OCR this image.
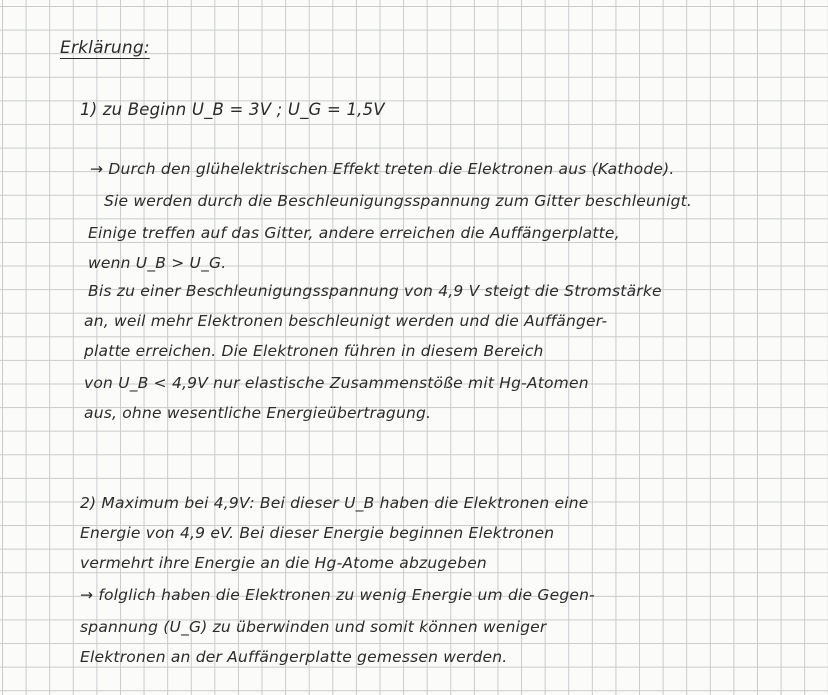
Erklärung:
1) zu Beginn U_B = 3V ; U_G = 1,5V
→ Durch den glühelektrischen Effekt treten die Elektronen aus (Kathode).
Sie werden durch die Beschleunigungsspannung zum Gitter beschleunigt.
Einige treffen auf das Gitter, andere erreichen die Auffängerplatte,
wenn U_B > U_G.
Bis zu einer Beschleunigungsspannung von 4,9 V steigt die Stromstärke
an, weil mehr Elektronen beschleunigt werden und die Auffänger-
platte erreichen. Die Elektronen führen in diesem Bereich
von U_B < 4,9V nur elastische Zusammenstöße mit Hg-Atomen
aus, ohne wesentliche Energieübertragung.
2) Maximum bei 4,9V: Bei dieser U_B haben die Elektronen eine
Energie von 4,9 eV. Bei dieser Energie beginnen Elektronen
vermehrt ihre Energie an die Hg-Atome abzugeben
→ folglich haben die Elektronen zu wenig Energie um die Gegen-
spannung (U_G) zu überwinden und somit können weniger
Elektronen an der Auffängerplatte gemessen werden.
